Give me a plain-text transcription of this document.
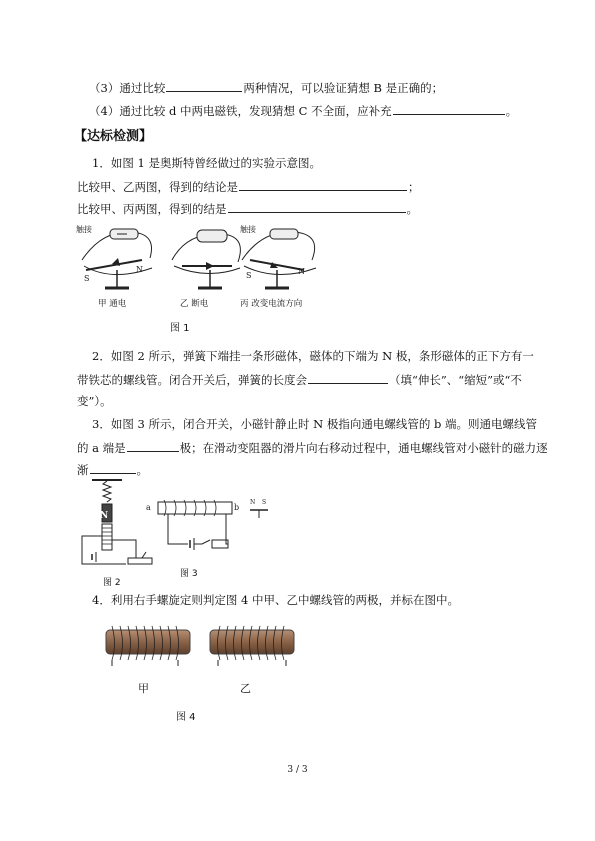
（3）通过比较	两种情况，可以验证猜想 B 是正确的；
（4）通过比较 d 中两电磁铁，发现猜想 C 不全面，应补充	。
【达标检测】
1．如图 1 是奥斯特曾经做过的实验示意图。
比较甲、乙两图，得到的结论是	；
比较甲、丙两图，得到的结是	。
触接
S
N
触接
S	N
甲 通电	乙 断电	丙 改变电流方向
图 1
2．如图 2 所示，弹簧下端挂一条形磁体，磁体的下端为 N 极，条形磁体的正下方有一
带铁芯的螺线管。闭合开关后，弹簧的长度会	（填“伸长”、“缩短”或“不
变”）。
3．如图 3 所示，闭合开关，小磁针静止时 N 极指向通电螺线管的 b 端。则通电螺线管
的 a 端是	极；在滑动变阻器的滑片向右移动过程中，通电螺线管对小磁针的磁力逐
渐	。
N
图 2
a	b
N S
图 3
4．利用右手螺旋定则判定图 4 中甲、乙中螺线管的两极，并标在图中。
甲	乙
图 4
3 / 3
